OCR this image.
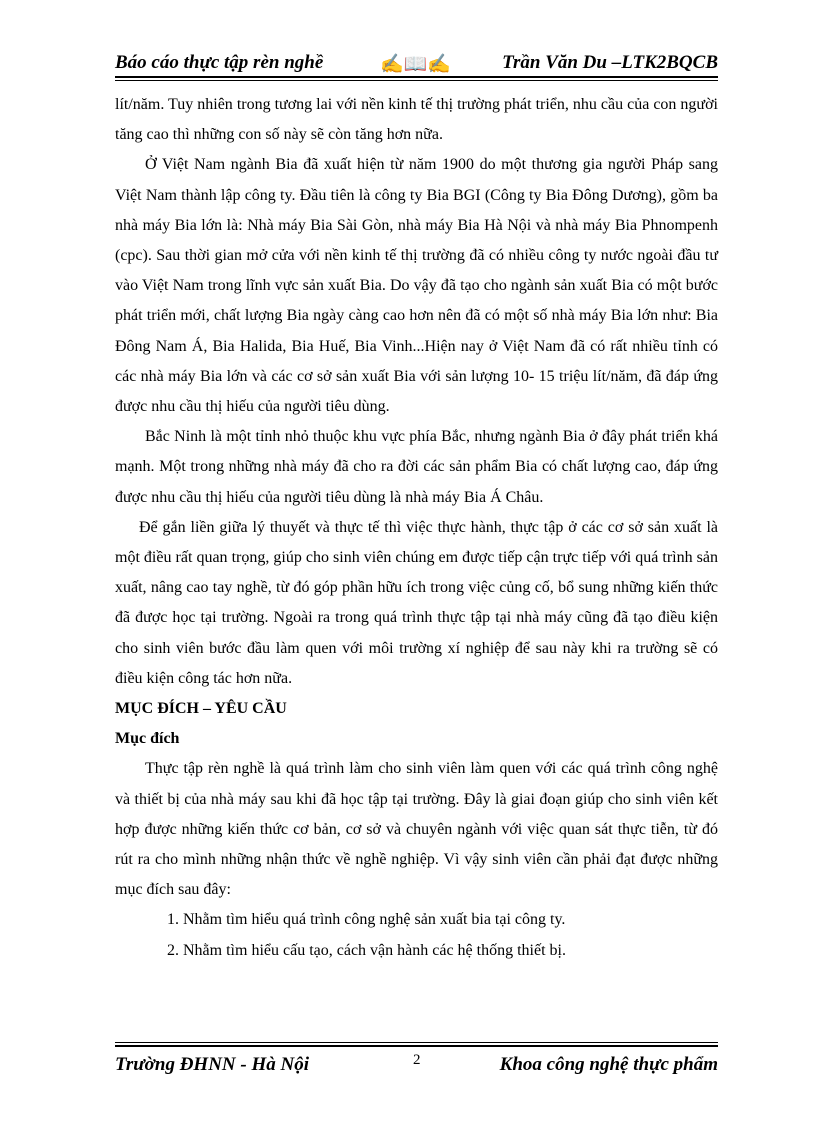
Báo cáo thực tập rèn nghề	✍📖✍	Trần Văn Du –LTK2BQCB

lít/năm. Tuy nhiên trong tương lai với nền kinh tế thị trường phát triển, nhu cầu của con người tăng cao thì những con số này sẽ còn tăng hơn nữa.

Ở Việt Nam ngành Bia đã xuất hiện từ năm 1900 do một thương gia người Pháp sang Việt Nam thành lập công ty. Đầu tiên là công ty Bia BGI (Công ty Bia Đông Dương), gồm ba nhà máy Bia lớn là: Nhà máy Bia Sài Gòn, nhà máy Bia Hà Nội và nhà máy Bia Phnompenh (cpc). Sau thời gian mở cửa với nền kinh tế thị trường đã có nhiều công ty nước ngoài đầu tư vào Việt Nam trong lĩnh vực sản xuất Bia. Do vậy đã tạo cho ngành sản xuất Bia có một bước phát triển mới, chất lượng Bia ngày càng cao hơn nên đã có một số nhà máy Bia lớn như: Bia Đông Nam Á, Bia Halida, Bia Huế, Bia Vinh...Hiện nay ở Việt Nam đã có rất nhiều tỉnh có các nhà máy Bia lớn và các cơ sở sản xuất Bia với sản lượng 10- 15 triệu lít/năm, đã đáp ứng được nhu cầu thị hiếu của người tiêu dùng.

Bắc Ninh là một tỉnh nhỏ thuộc khu vực phía Bắc, nhưng ngành Bia ở đây phát triển khá mạnh. Một trong những nhà máy đã cho ra đời các sản phẩm Bia có chất lượng cao, đáp ứng được nhu cầu thị hiếu của người tiêu dùng là nhà máy Bia Á Châu.

Để gắn liền giữa lý thuyết và thực tế thì việc thực hành, thực tập ở các cơ sở sản xuất là một điều rất quan trọng, giúp cho sinh viên chúng em được tiếp cận trực tiếp với quá trình sản xuất, nâng cao tay nghề, từ đó góp phần hữu ích trong việc củng cố, bổ sung những kiến thức đã được học tại trường. Ngoài ra trong quá trình thực tập tại nhà máy cũng đã tạo điều kiện cho sinh viên bước đầu làm quen với môi trường xí nghiệp để sau này khi ra trường sẽ có điều kiện công tác hơn nữa.

MỤC ĐÍCH – YÊU CẦU

Mục đích

Thực tập rèn nghề là quá trình làm cho sinh viên làm quen với các quá trình công nghệ và thiết bị của nhà máy sau khi đã học tập tại trường. Đây là giai đoạn giúp cho sinh viên kết hợp được những kiến thức cơ bản, cơ sở và chuyên ngành với việc quan sát thực tiễn, từ đó rút ra cho mình những nhận thức về nghề nghiệp. Vì vậy sinh viên cần phải đạt được những mục đích sau đây:

1. Nhằm tìm hiểu quá trình công nghệ sản xuất bia tại công ty.
2. Nhằm tìm hiểu cấu tạo, cách vận hành các hệ thống thiết bị.
Trường ĐHNN - Hà Nội	2	Khoa công nghệ thực phẩm
